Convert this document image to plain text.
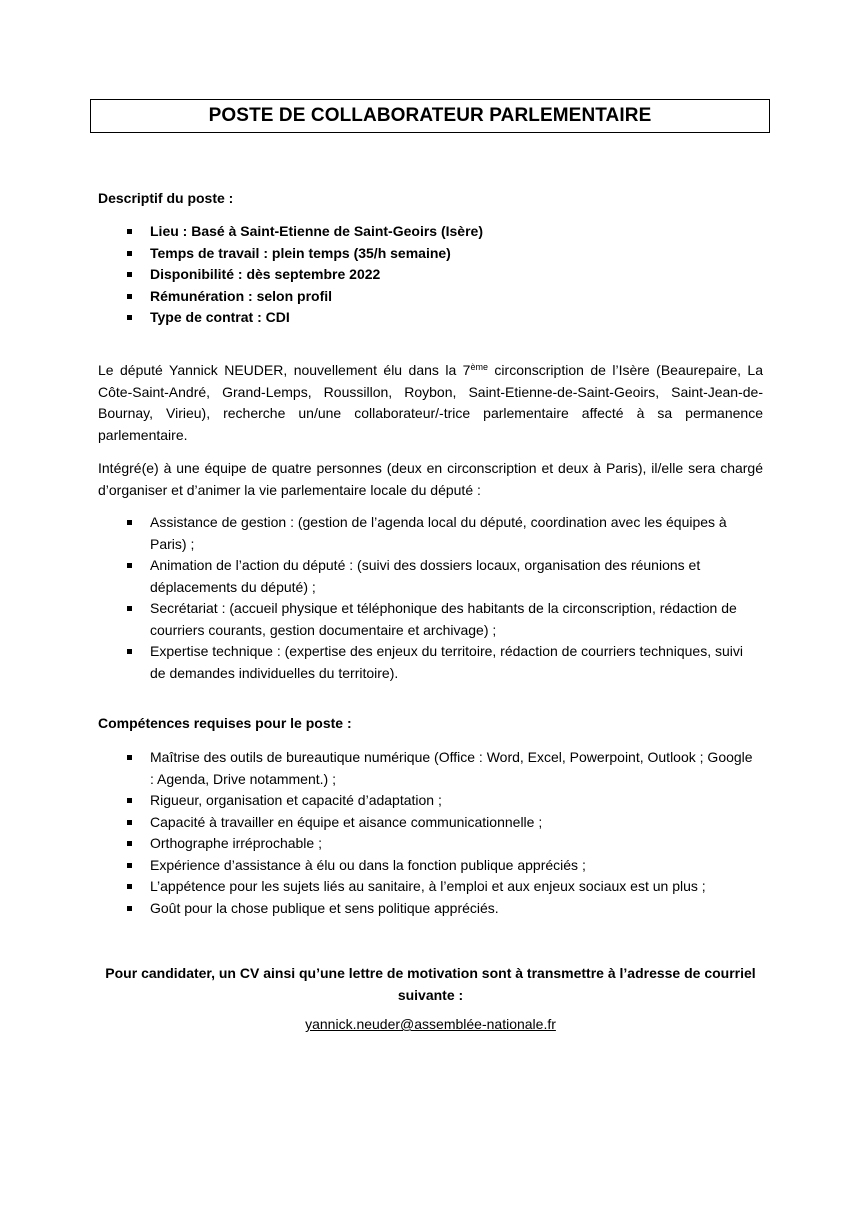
POSTE DE COLLABORATEUR PARLEMENTAIRE
Descriptif du poste :
Lieu : Basé à Saint-Etienne de Saint-Geoirs (Isère)
Temps de travail : plein temps (35/h semaine)
Disponibilité : dès septembre 2022
Rémunération : selon profil
Type de contrat : CDI

Le député Yannick NEUDER, nouvellement élu dans la 7ème circonscription de l’Isère (Beaurepaire, La Côte-Saint-André, Grand-Lemps, Roussillon, Roybon, Saint-Etienne-de-Saint-Geoirs, Saint-Jean-de-Bournay, Virieu), recherche un/une collaborateur/-trice parlementaire affecté à sa permanence parlementaire.

Intégré(e) à une équipe de quatre personnes (deux en circonscription et deux à Paris), il/elle sera chargé d’organiser et d’animer la vie parlementaire locale du député :

Assistance de gestion : (gestion de l’agenda local du député, coordination avec les équipes à Paris) ;
Animation de l’action du député : (suivi des dossiers locaux, organisation des réunions et déplacements du député) ;
Secrétariat : (accueil physique et téléphonique des habitants de la circonscription, rédaction de courriers courants, gestion documentaire et archivage) ;
Expertise technique : (expertise des enjeux du territoire, rédaction de courriers techniques, suivi de demandes individuelles du territoire).
Compétences requises pour le poste :
Maîtrise des outils de bureautique numérique (Office : Word, Excel, Powerpoint, Outlook ; Google : Agenda, Drive notamment.) ;
Rigueur, organisation et capacité d’adaptation ;
Capacité à travailler en équipe et aisance communicationnelle ;
Orthographe irréprochable ;
Expérience d’assistance à élu ou dans la fonction publique appréciés ;
L’appétence pour les sujets liés au sanitaire, à l’emploi et aux enjeux sociaux est un plus ;
Goût pour la chose publique et sens politique appréciés.

Pour candidater, un CV ainsi qu’une lettre de motivation sont à transmettre à l’adresse de courriel suivante :

yannick.neuder@assemblée-nationale.fr
